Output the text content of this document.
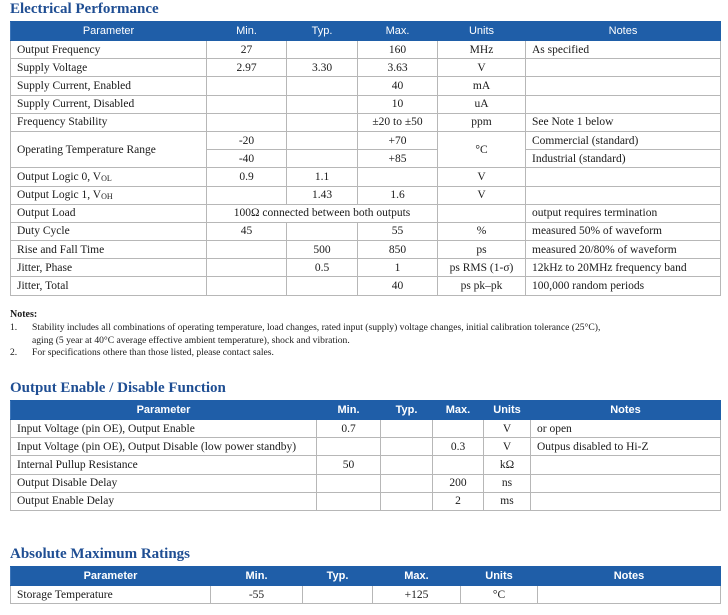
Electrical Performance
Parameter	Min.	Typ.	Max.	Units	Notes
Output Frequency	27		160	MHz	As specified
Supply Voltage	2.97	3.30	3.63	V	
Supply Current, Enabled			40	mA	
Supply Current, Disabled			10	uA	
Frequency Stability			±20 to ±50	ppm	See Note 1 below
Operating Temperature Range	-20		+70	°C	Commercial (standard)
	-40		+85		Industrial (standard)
Output Logic 0, $V_{OL}$	0.9	1.1		V	
Output Logic 1, $V_{OH}$		1.43	1.6	V	
Output Load	100Ω connected between both outputs				output requires termination
Duty Cycle	45		55	%	measured 50% of waveform
Rise and Fall Time		500	850	ps	measured 20/80% of waveform
Jitter, Phase		0.5	1	ps RMS (1-σ)	12kHz to 20MHz frequency band
Jitter, Total			40	ps pk–pk	100,000 random periods
Notes:
1.	Stability includes all combinations of operating temperature, load changes, rated input (supply) voltage changes, initial calibration tolerance (25°C),
aging (5 year at 40°C average effective ambient temperature), shock and vibration.
2.	For specifications othere than those listed, please contact sales.
Output Enable / Disable Function
Parameter	Min.	Typ.	Max.	Units	Notes
Input Voltage (pin OE), Output Enable	0.7			V	or open
Input Voltage (pin OE), Output Disable (low power standby)			0.3	V	Outpus disabled to Hi-Z
Internal Pullup Resistance	50			kΩ	
Output Disable Delay			200	ns	
Output Enable Delay			2	ms	
Absolute Maximum Ratings
Parameter	Min.	Typ.	Max.	Units	Notes
Storage Temperature	-55		+125	°C	
